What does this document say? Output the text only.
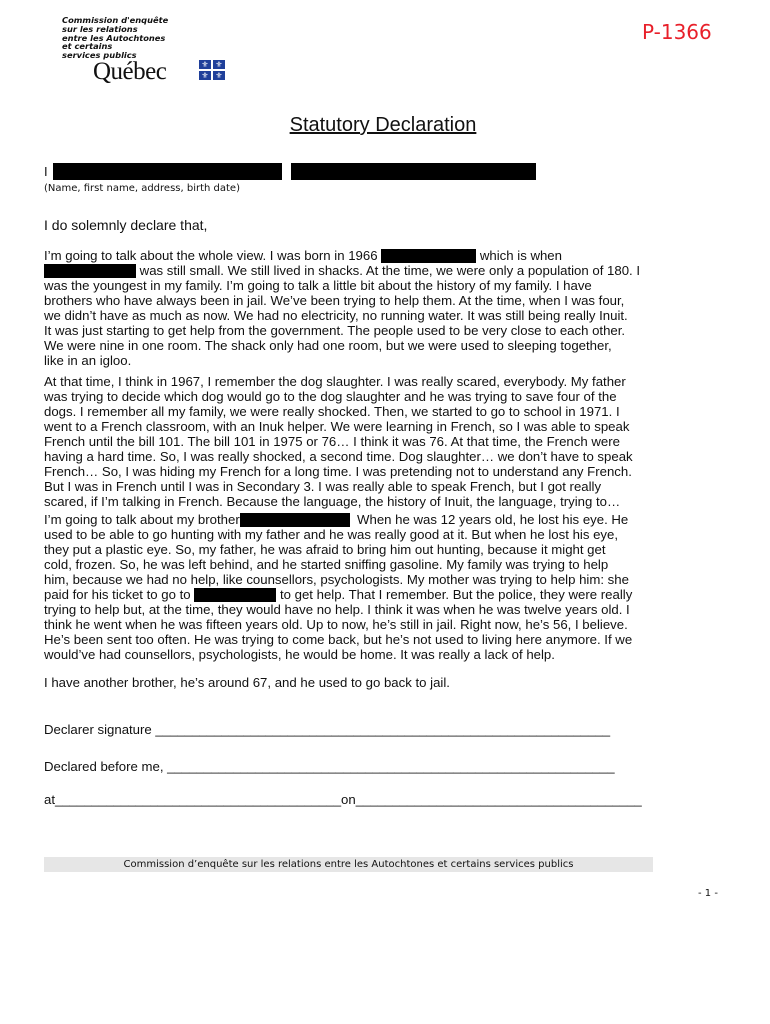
Commission d'enquête
sur les relations
entre les Autochtones
et certains
services publics
Québec	⚜ ⚜
⚜ ⚜
P-1366
Statutory Declaration
I
(Name, first name, address, birth date)
I do solemnly declare that,
I’m going to talk about the whole view. I was born in 1966	which is when
was still small. We still lived in shacks. At the time, we were only a population of 180. I
was the youngest in my family. I’m going to talk a little bit about the history of my family. I have
brothers who have always been in jail. We’ve been trying to help them. At the time, when I was four,
we didn’t have as much as now. We had no electricity, no running water. It was still being really Inuit.
It was just starting to get help from the government. The people used to be very close to each other.
We were nine in one room. The shack only had one room, but we were used to sleeping together,
like in an igloo.
At that time, I think in 1967, I remember the dog slaughter. I was really scared, everybody. My father
was trying to decide which dog would go to the dog slaughter and he was trying to save four of the
dogs. I remember all my family, we were really shocked. Then, we started to go to school in 1971. I
went to a French classroom, with an Inuk helper. We were learning in French, so I was able to speak
French until the bill 101. The bill 101 in 1975 or 76… I think it was 76. At that time, the French were
having a hard time. So, I was really shocked, a second time. Dog slaughter… we don’t have to speak
French… So, I was hiding my French for a long time. I was pretending not to understand any French.
But I was in French until I was in Secondary 3. I was really able to speak French, but I got really
scared, if I’m talking in French. Because the language, the history of Inuit, the language, trying to…
I’m going to talk about my brother	When he was 12 years old, he lost his eye. He
used to be able to go hunting with my father and he was really good at it. But when he lost his eye,
they put a plastic eye. So, my father, he was afraid to bring him out hunting, because it might get
cold, frozen. So, he was left behind, and he started sniffing gasoline. My family was trying to help
him, because we had no help, like counsellors, psychologists. My mother was trying to help him: she
paid for his ticket to go to	to get help. That I remember. But the police, they were really
trying to help but, at the time, they would have no help. I think it was when he was twelve years old. I
think he went when he was fifteen years old. Up to now, he’s still in jail. Right now, he’s 56, I believe.
He’s been sent too often. He was trying to come back, but he’s not used to living here anymore. If we
would’ve had counsellors, psychologists, he would be home. It was really a lack of help.
I have another brother, he’s around 67, and he used to go back to jail.
Declarer signature ______________________________________________________________
Declared before me, _____________________________________________________________
at_______________________________________on_______________________________________
Commission d’enquête sur les relations entre les Autochtones et certains services publics
- 1 -
